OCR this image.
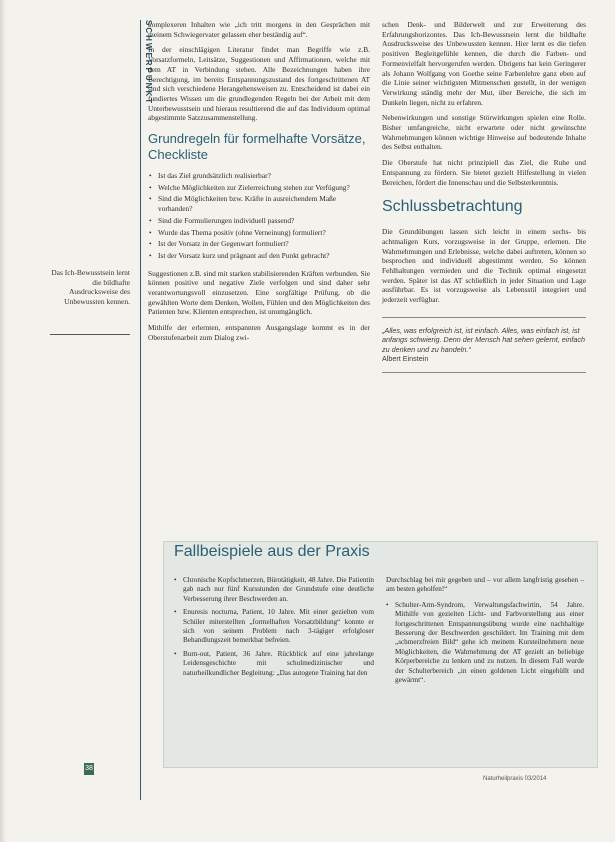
SCHWERPUNKT
Das Ich-Bewusstsein lernt die bildhafte Ausdrucksweise des Unbewussten kennen.

komplexeren Inhalten wie „ich tritt morgens in den Gesprächen mit meinem Schwiegervater gelassen eher beständig auf“.

In der einschlägigen Literatur findet man Begriffe wie z.B. Vorsatzformeln, Leitsätze, Suggestionen und Affirmationen, welche mit dem AT in Verbindung stehen. Alle Bezeichnungen haben ihre Berechtigung, im bereits Entspannungszustand des fortgeschrittenen AT sind sich verschiedene Herangehensweisen zu. Entscheidend ist dabei ein fundiertes Wissen um die grundlegenden Regeln bei der Arbeit mit dem Unterbewusstsein und hieraus resultierend die auf das Individuum optimal abgestimmte Satzzusammenstellung.

Grundregeln für formelhafte Vorsätze, Checkliste
• Ist das Ziel grundsätzlich realisierbar?
• Welche Möglichkeiten zur Zielerreichung stehen zur Verfügung?
• Sind die Möglichkeiten bzw. Kräfte in ausreichendem Maße vorhanden?
• Sind die Formulierungen individuell passend?
• Wurde das Thema positiv (ohne Verneinung) formuliert?
• Ist der Vorsatz in der Gegenwart formuliert?
• Ist der Vorsatz kurz und prägnant auf den Punkt gebracht?

Suggestionen z.B. sind mit starken stabilisierenden Kräften verbunden. Sie können positive und negative Ziele verfolgen und sind daher sehr verantwortungsvoll einzusetzen. Eine sorgfältige Prüfung, ob die gewählten Worte dem Denken, Wollen, Fühlen und den Möglichkeiten des Patienten bzw. Klienten entsprechen, ist unumgänglich.

Mithilfe der erlernten, entspannten Ausgangslage kommt es in der Oberstufenarbeit zum Dialog zwi-

schen Denk- und Bilderwelt und zur Erweiterung des Erfahrungshorizontes. Das Ich-Bewusstsein lernt die bildhafte Ausdrucksweise des Unbewussten kennen. Hier lernt es die tiefen positiven Begleitgefühle kennen, die durch die Farben- und Formenvielfalt hervorgerufen werden. Übrigens hat kein Geringerer als Johann Wolfgang von Goethe seine Farbenlehre ganz eben auf die Linie seiner wichtigsten Mitmenschen gestellt, in der wenigen Verwirkung ständig mehr der Mut, über Bereiche, die sich im Dunkeln liegen, nicht zu erfahren.

Nebenwirkungen und sonstige Störwirkungen spielen eine Rolle. Bisher umfangreiche, nicht erwartete oder nicht gewünschte Wahrnehmungen können wichtige Hinweise auf bedeutende Inhalte des Selbst enthalten.

Die Oberstufe hat nicht prinzipiell das Ziel, die Ruhe und Entspannung zu fördern. Sie bietet gezielt Hilfestellung in vielen Bereichen, fördert die Innenschau und die Selbsterkenntnis.

Schlussbetrachtung

Die Grundübungen lassen sich leicht in einem sechs- bis achtmaligen Kurs, vorzugsweise in der Gruppe, erlernen. Die Wahrnehmungen und Erlebnisse, welche dabei auftreten, können so besprochen und individuell abgestimmt werden. So können Fehlhaltungen vermieden und die Technik optimal eingesetzt werden. Später ist das AT schließlich in jeder Situation und Lage ausführbar. Es ist vorzugsweise als Lebensstil integriert und jederzeit verfügbar.

„Alles, was erfolgreich ist, ist einfach. Alles, was einfach ist, ist anfangs schwierig. Denn der Mensch hat sehen gelernt, einfach zu denken und zu handeln.“
Albert Einstein
Fallbeispiele aus der Praxis
• Chronische Kopfschmerzen, Bürotätigkeit, 48 Jahre. Die Patientin gab nach nur fünf Kursstunden der Grundstufe eine deutliche Verbesserung ihrer Beschwerden an.
• Enuresis nocturna, Patient, 10 Jahre. Mit einer gezielten vom Schüler miterstellten „formelhaften Vorsatzbildung“ konnte er sich von seinem Problem nach 3-tägiger erfolgloser Behandlungszeit bemerkbar befreien.
• Burn-out, Patient, 36 Jahre. Rückblick auf eine jahrelange Leidensgeschichte mit schulmedizinischer und naturheilkundlicher Begleitung: „Das autogene Training hat den

Durchschlag bei mir gegeben und – vor allem langfristig gesehen – am besten geholfen!“

• Schulter-Arm-Syndrom, Verwaltungsfachwirtin, 54 Jahre. Mithilfe von gezielten Licht- und Farbvorstellung aus einer fortgeschrittenen Entspannungsübung wurde eine nachhaltige Besserung der Beschwerden geschildert. Im Training mit dem „schmerzfreien Bild“ gehe ich meinem Kursteilnehmern neue Möglichkeiten, die Wahrnehmung der AT gezielt an beliebige Körperbereiche zu lenken und zu nutzen. In diesem Fall wurde der Schulterbereich „in einen goldenen Licht eingehüllt und gewärmt“.
38
Naturheilpraxis 03/2014
